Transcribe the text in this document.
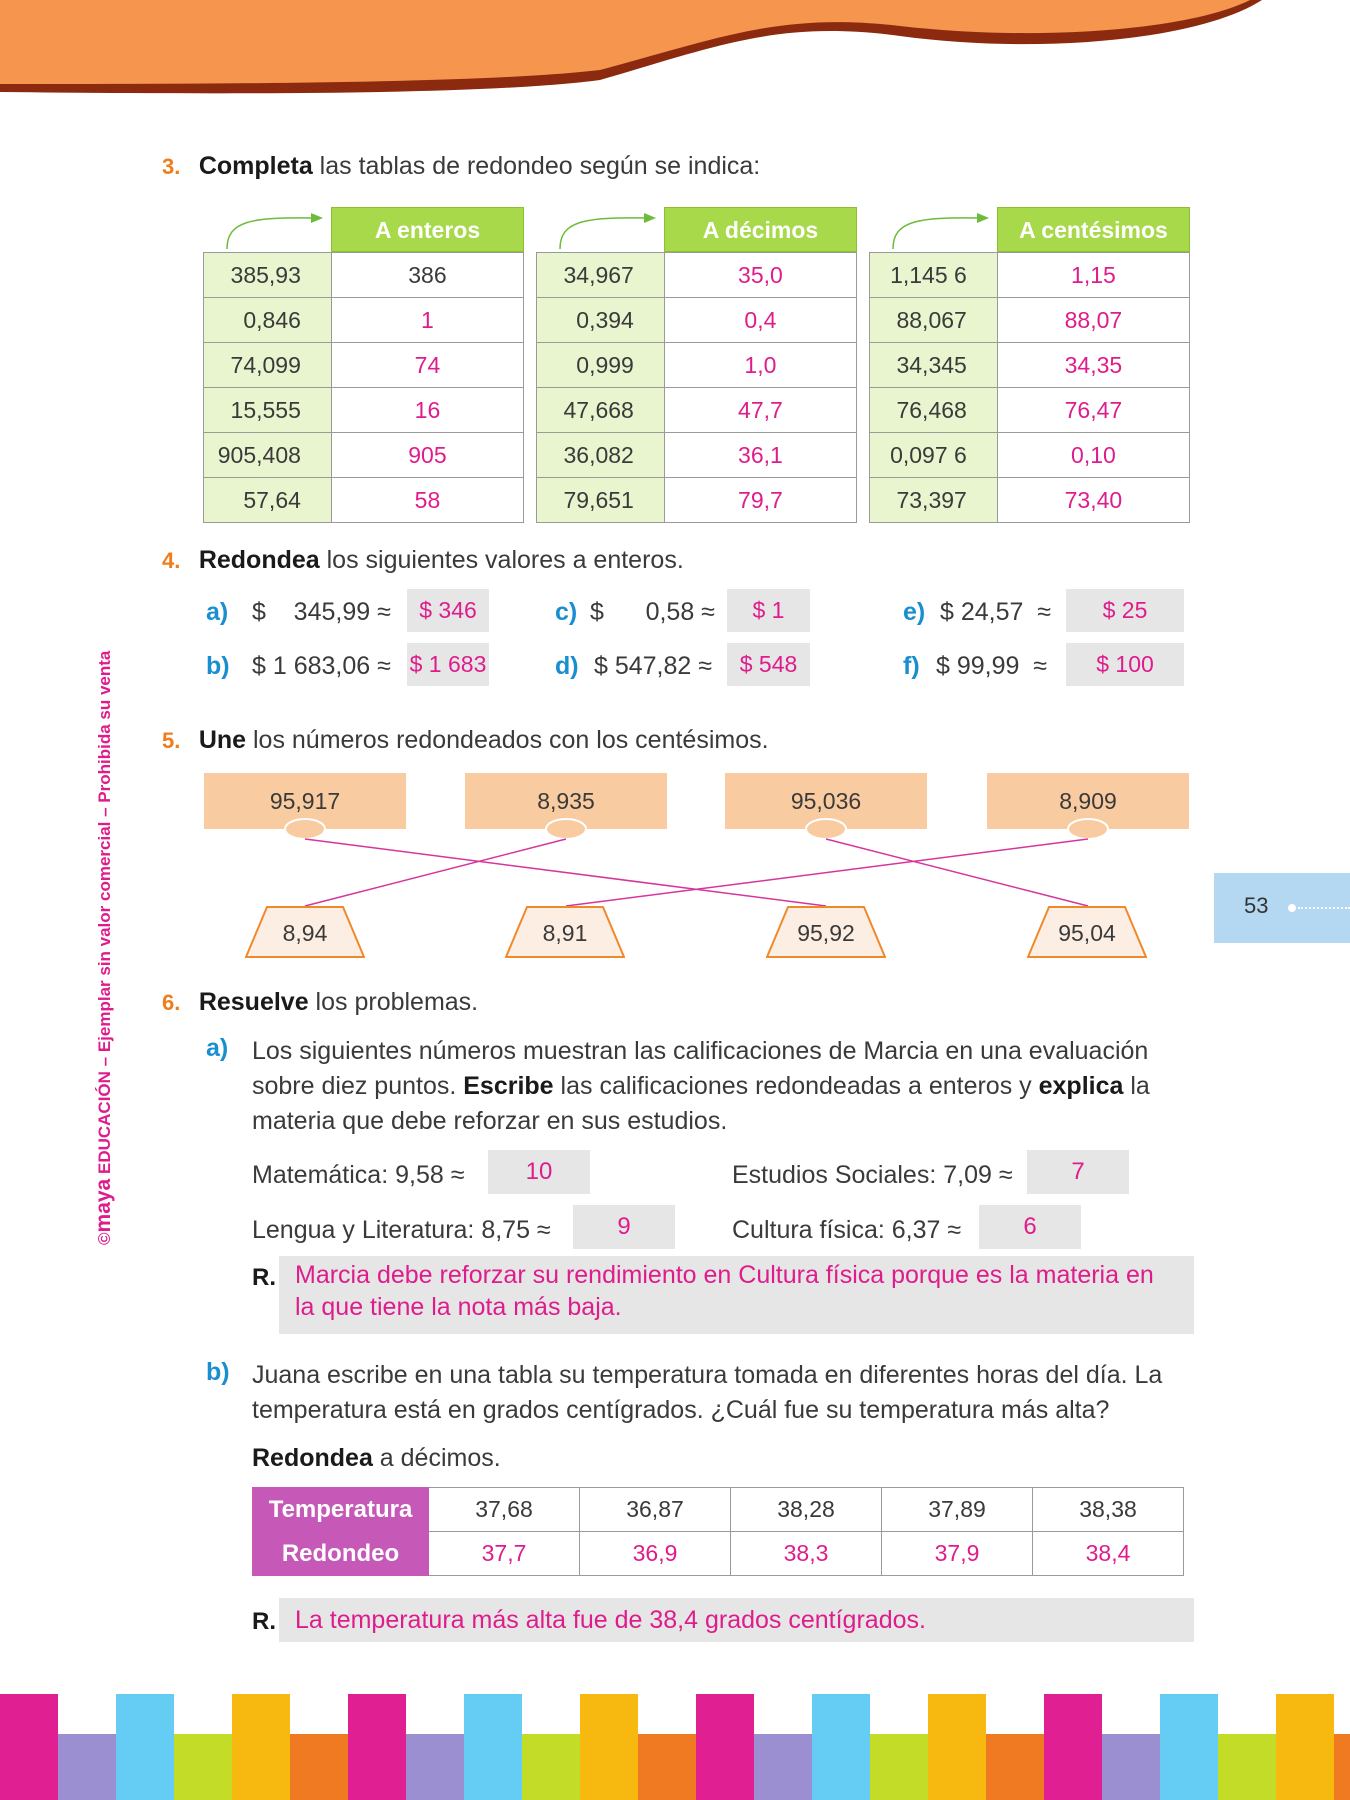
©maya EDUCACIÓN – Ejemplar sin valor comercial – Prohibida su venta	53
3. Completa las tablas de redondeo según se indica:
A enteros
385,93	386
0,846	1
74,099	74
15,555	16
905,408	905
57,64	58
A décimos
34,967	35,0
0,394	0,4
0,999	1,0
47,668	47,7
36,082	36,1
79,651	79,7
A centésimos
1,145 6	1,15
88,067	88,07
34,345	34,35
76,468	76,47
0,097 6	0,10
73,397	73,40
4. Redondea los siguientes valores a enteros.
a) $    345,99 ≈	$ 346
b) $ 1 683,06 ≈ $ 1 683
c) $      0,58 ≈	$ 1
d) $ 547,82 ≈	$ 548
e) $ 24,57  ≈	$ 25
f) $ 99,99  ≈	$ 100
5. Une los números redondeados con los centésimos.
95,917	8,935	95,036	8,909
8,94	8,91	95,92	95,04
6. Resuelve los problemas.
a) Los siguientes números muestran las calificaciones de Marcia en una evaluación sobre diez puntos. Escribe las calificaciones redondeadas a enteros y explica la materia que debe reforzar en sus estudios.
Matemática: 9,58 ≈	10
Lengua y Literatura: 8,75 ≈	9
Estudios Sociales: 7,09 ≈	7
Cultura física: 6,37 ≈	6
R. Marcia debe reforzar su rendimiento en Cultura física porque es la materia en la que tiene la nota más baja.
b) Juana escribe en una tabla su temperatura tomada en diferentes horas del día. La temperatura está en grados centígrados. ¿Cuál fue su temperatura más alta?
Redondea a décimos.
Temperatura	37,68	36,87	38,28	37,89	38,38
Redondeo	37,7	36,9	38,3	37,9	38,4
R. La temperatura más alta fue de 38,4 grados centígrados.
